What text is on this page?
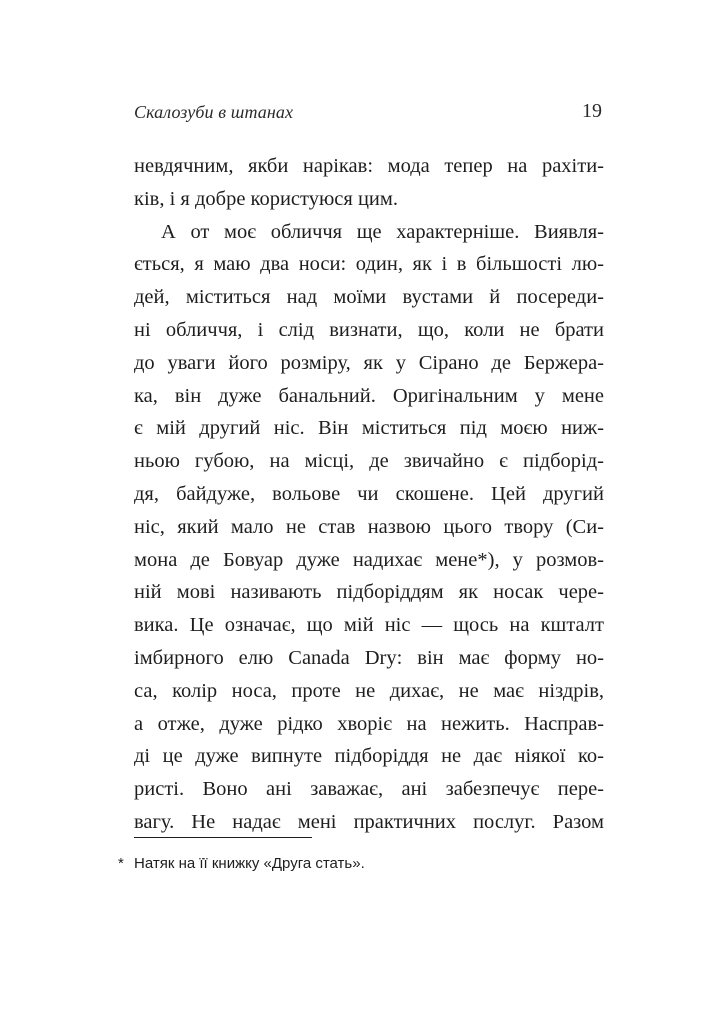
Скалозуби в штанах	19
невдячним, якби нарікав: мода тепер на рахіти-
ків, і я добре користуюся цим.
А от моє обличчя ще характерніше. Виявля-
ється, я маю два носи: один, як і в більшості лю-
дей, міститься над моїми вустами й посереди-
ні обличчя, і слід визнати, що, коли не брати
до уваги його розміру, як у Сірано де Бержера-
ка, він дуже банальний. Оригінальним у мене
є мій другий ніс. Він міститься під моєю ниж-
ньою губою, на місці, де звичайно є підборід-
дя, байдуже, вольове чи скошене. Цей другий
ніс, який мало не став назвою цього твору (Си-
мона де Бовуар дуже надихає мене*), у розмов-
ній мові називають підборіддям як носак чере-
вика. Це означає, що мій ніс — щось на кшталт
імбирного елю Canada Dry: він має форму но-
са, колір носа, проте не дихає, не має ніздрів,
а отже, дуже рідко хворіє на нежить. Насправ-
ді це дуже випнуте підборіддя не дає ніякої ко-
ристі. Воно ані заважає, ані забезпечує пере-
вагу. Не надає мені практичних послуг. Разом
* Натяк на її книжку «Друга стать».
